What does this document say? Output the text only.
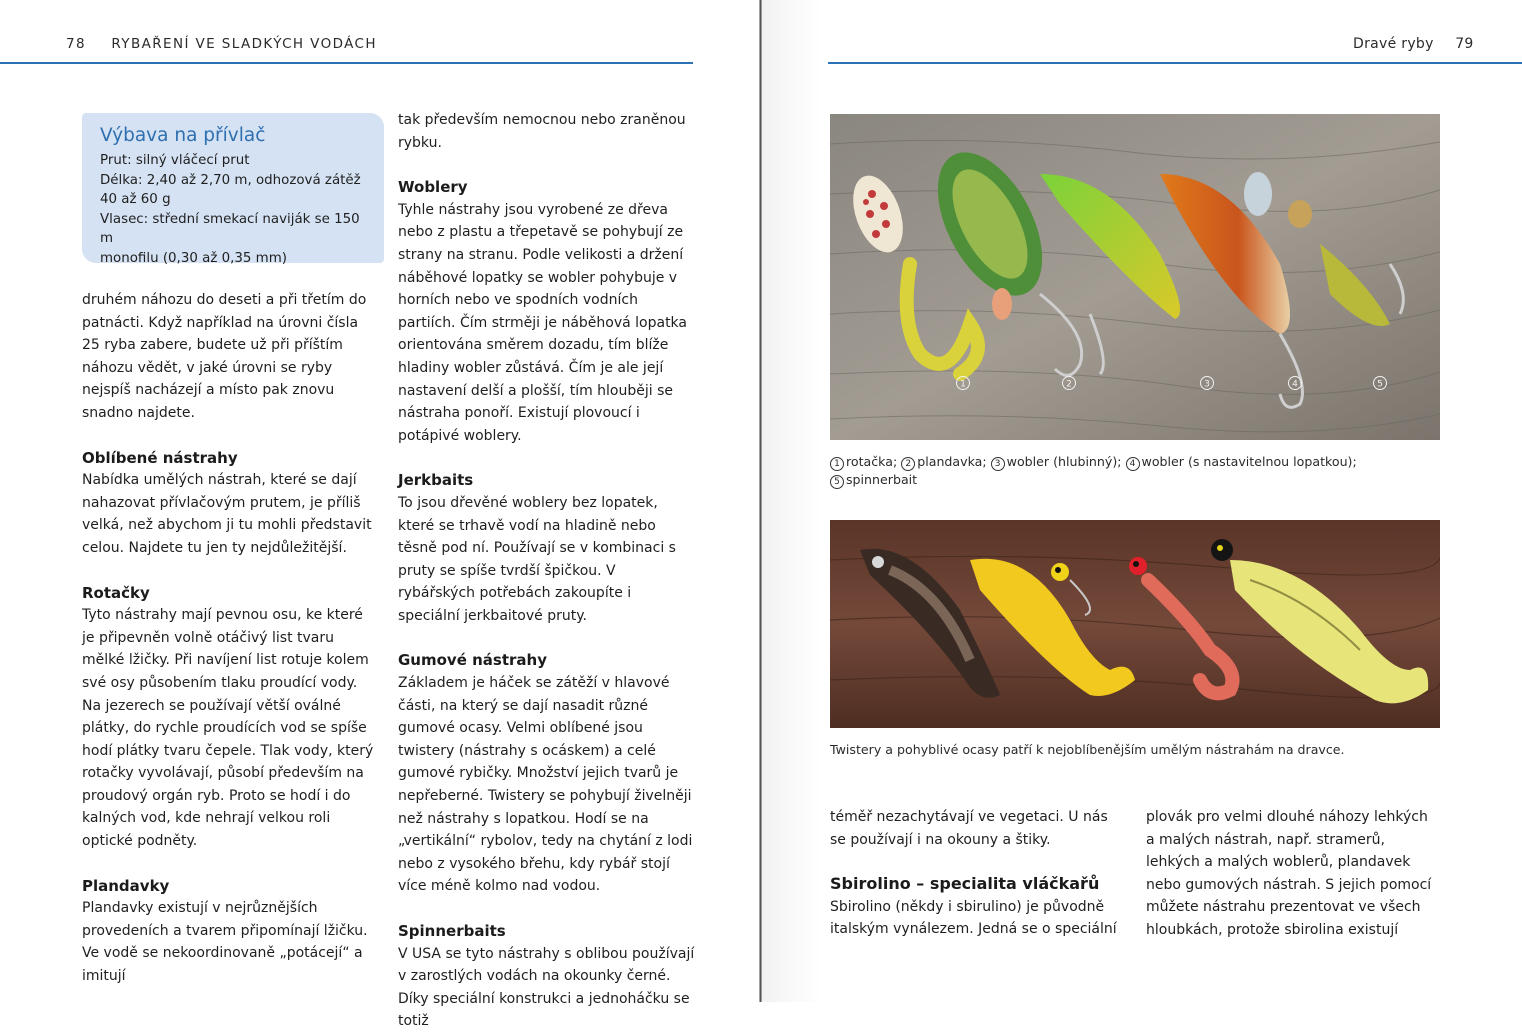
78 RYBAŘENÍ VE SLADKÝCH VODÁCH
Výbava na přívlač
Prut: silný vláčecí prut
Délka: 2,40 až 2,70 m, odhozová zátěž
40 až 60 g
Vlasec: střední smekací naviják se 150 m
monofilu (0,30 až 0,35 mm)

druhém náhozu do deseti a při třetím do patnácti. Když například na úrovni čísla 25 ryba zabere, budete už při příštím náhozu vědět, v jaké úrovni se ryby nejspíš nacházejí a místo pak znovu snadno najdete.

Oblíbené nástrahy

Nabídka umělých nástrah, které se dají nahazovat přívlačovým prutem, je příliš velká, než abychom ji tu mohli představit celou. Najdete tu jen ty nejdůležitější.

Rotačky

Tyto nástrahy mají pevnou osu, ke které je připevněn volně otáčivý list tvaru mělké lžičky. Při navíjení list rotuje kolem své osy působením tlaku proudící vody. Na jezerech se používají větší oválné plátky, do rychle proudících vod se spíše hodí plátky tvaru čepele. Tlak vody, který rotačky vyvolávají, působí především na proudový orgán ryb. Proto se hodí i do kalných vod, kde nehrají velkou roli optické podněty.

Plandavky

Plandavky existují v nejrůznějších provedeních a tvarem připomínají lžičku. Ve vodě se nekoordinovaně „potácejí“ a imitují

tak především nemocnou nebo zraněnou rybku.

Woblery

Tyhle nástrahy jsou vyrobené ze dřeva nebo z plastu a třepetavě se pohybují ze strany na stranu. Podle velikosti a držení náběhové lopatky se wobler pohybuje v horních nebo ve spodních vodních partiích. Čím strměji je náběhová lopatka orientována směrem dozadu, tím blíže hladiny wobler zůstává. Čím je ale její nastavení delší a plošší, tím hlouběji se nástraha ponoří. Existují plovoucí i potápivé woblery.

Jerkbaits

To jsou dřevěné woblery bez lopatek, které se trhavě vodí na hladině nebo těsně pod ní. Používají se v kombinaci s pruty se spíše tvrdší špičkou. V rybářských potřebách zakoupíte i speciální jerkbaitové pruty.

Gumové nástrahy

Základem je háček se zátěží v hlavové části, na který se dají nasadit různé gumové ocasy. Velmi oblíbené jsou twistery (nástrahy s ocáskem) a celé gumové rybičky. Množství jejich tvarů je nepřeberné. Twistery se pohybují živelněji než nástrahy s lopatkou. Hodí se na „vertikální“ rybolov, tedy na chytání z lodi nebo z vysokého břehu, kdy rybář stojí více méně kolmo nad vodou.

Spinnerbaits

V USA se tyto nástrahy s oblibou používají v zarostlých vodách na okounky černé. Díky speciální konstrukci a jednoháčku se totiž

Dravé ryby 79
1	2	3	4	5
1 rotačka; 2 plandavka; 3 wobler (hlubinný); 4 wobler (s nastavitelnou lopatkou);
5 spinnerbait
Twistery a pohyblivé ocasy patří k nejoblíbenějším umělým nástrahám na dravce.

téměř nezachytávají ve vegetaci. U nás se používají i na okouny a štiky.

Sbirolino – specialita vláčkařů

Sbirolino (někdy i sbirulino) je původně italským vynálezem. Jedná se o speciální

plovák pro velmi dlouhé náhozy lehkých a malých nástrah, např. stramerů, lehkých a malých woblerů, plandavek nebo gumových nástrah. S jejich pomocí můžete nástrahu prezentovat ve všech hloubkách, protože sbirolina existují
